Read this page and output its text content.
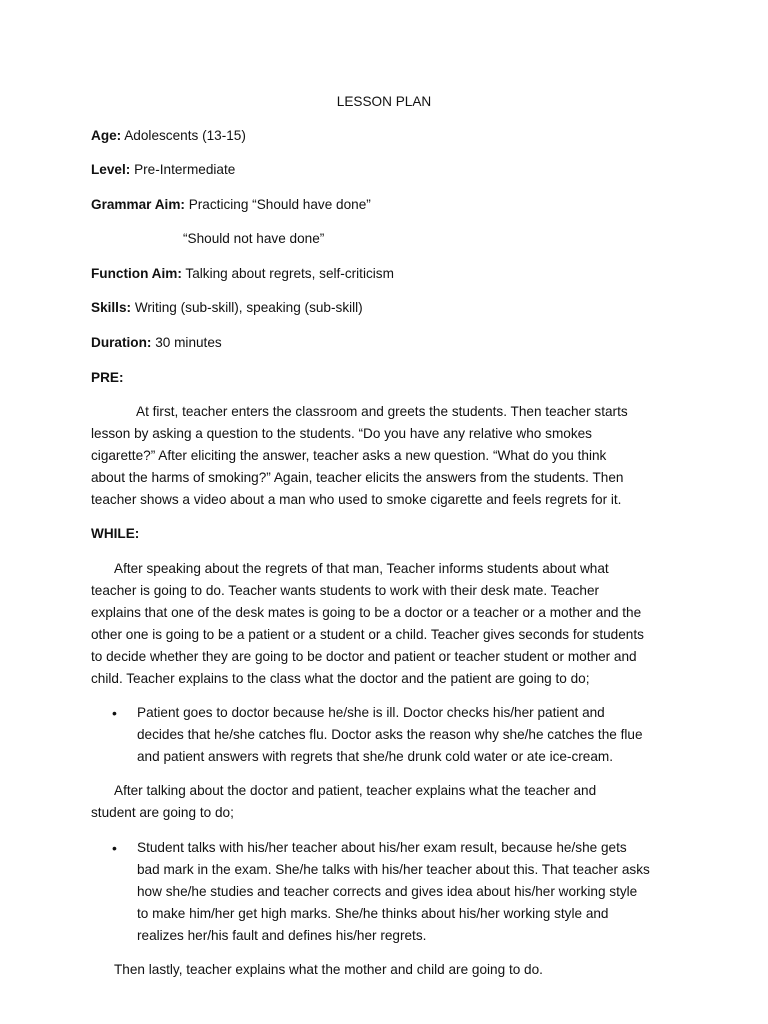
LESSON PLAN
Age: Adolescents (13-15)
Level: Pre-Intermediate
Grammar Aim: Practicing “Should have done”
“Should not have done”
Function Aim: Talking about regrets, self-criticism
Skills: Writing (sub-skill), speaking (sub-skill)
Duration: 30 minutes
PRE:
At first, teacher enters the classroom and greets the students. Then teacher starts
lesson by asking a question to the students. “Do you have any relative who smokes
cigarette?” After eliciting the answer, teacher asks a new question. “What do you think
about the harms of smoking?” Again, teacher elicits the answers from the students. Then
teacher shows a video about a man who used to smoke cigarette and feels regrets for it.
WHILE:
After speaking about the regrets of that man, Teacher informs students about what
teacher is going to do. Teacher wants students to work with their desk mate. Teacher
explains that one of the desk mates is going to be a doctor or a teacher or a mother and the
other one is going to be a patient or a student or a child. Teacher gives seconds for students
to decide whether they are going to be doctor and patient or teacher student or mother and
child. Teacher explains to the class what the doctor and the patient are going to do;
•	Patient goes to doctor because he/she is ill. Doctor checks his/her patient and
decides that he/she catches flu. Doctor asks the reason why she/he catches the flue
and patient answers with regrets that she/he drunk cold water or ate ice-cream.
After talking about the doctor and patient, teacher explains what the teacher and
student are going to do;
•	Student talks with his/her teacher about his/her exam result, because he/she gets
bad mark in the exam. She/he talks with his/her teacher about this. That teacher asks
how she/he studies and teacher corrects and gives idea about his/her working style
to make him/her get high marks. She/he thinks about his/her working style and
realizes her/his fault and defines his/her regrets.
Then lastly, teacher explains what the mother and child are going to do.
